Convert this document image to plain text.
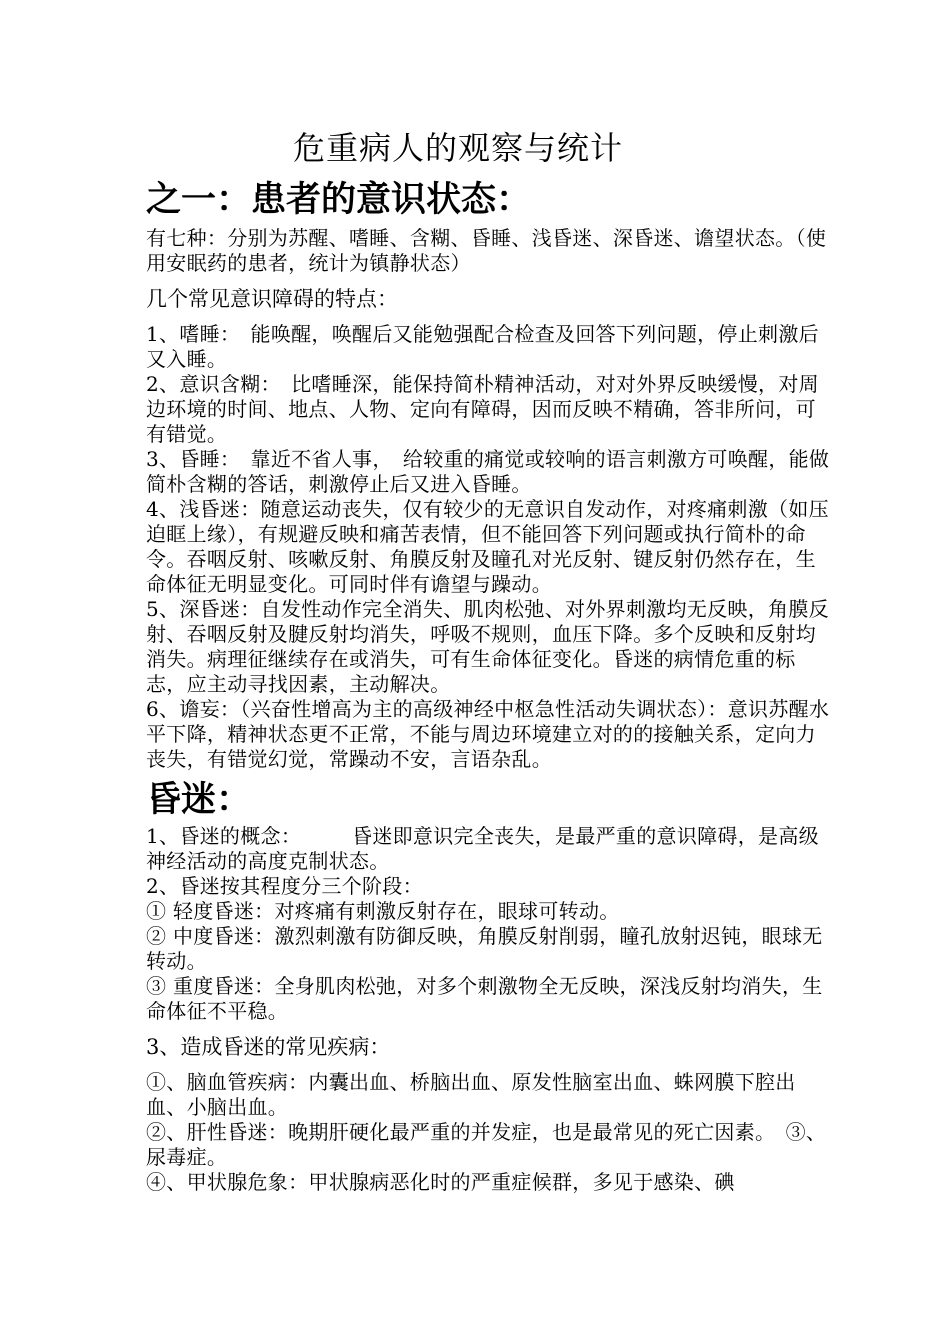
危重病人的观察与统计

之一：患者的意识状态：

有七种：分别为苏醒、嗜睡、含糊、昏睡、浅昏迷、深昏迷、谵望状态。（使用安眠药的患者，统计为镇静状态）

几个常见意识障碍的特点：

1、嗜睡：　能唤醒，唤醒后又能勉强配合检查及回答下列问题，停止刺激后又入睡。

2、意识含糊：　比嗜睡深，能保持简朴精神活动，对对外界反映缓慢，对周边环境的时间、地点、人物、定向有障碍，因而反映不精确，答非所问，可有错觉。

3、昏睡：　靠近不省人事，　给较重的痛觉或较响的语言刺激方可唤醒，能做简朴含糊的答话，刺激停止后又进入昏睡。

4、浅昏迷：随意运动丧失，仅有较少的无意识自发动作，对疼痛刺激（如压迫眶上缘），有规避反映和痛苦表情，但不能回答下列问题或执行简朴的命令。吞咽反射、咳嗽反射、角膜反射及瞳孔对光反射、键反射仍然存在，生命体征无明显变化。可同时伴有谵望与躁动。

5、深昏迷：自发性动作完全消失、肌肉松弛、对外界刺激均无反映，角膜反射、吞咽反射及腱反射均消失，呼吸不规则，血压下降。多个反映和反射均消失。病理征继续存在或消失，可有生命体征变化。昏迷的病情危重的标志，应主动寻找因素，主动解决。

6、谵妄：（兴奋性增高为主的高级神经中枢急性活动失调状态）：意识苏醒水平下降，精神状态更不正常，不能与周边环境建立对的的接触关系，定向力丧失，有错觉幻觉，常躁动不安，言语杂乱。

昏迷：

1、昏迷的概念：　　　昏迷即意识完全丧失，是最严重的意识障碍，是高级神经活动的高度克制状态。

2、昏迷按其程度分三个阶段：

① 轻度昏迷：对疼痛有刺激反射存在，眼球可转动。

② 中度昏迷：激烈刺激有防御反映，角膜反射削弱，瞳孔放射迟钝，眼球无转动。

③ 重度昏迷：全身肌肉松弛，对多个刺激物全无反映，深浅反射均消失，生命体征不平稳。

3、造成昏迷的常见疾病：

①、脑血管疾病：内囊出血、桥脑出血、原发性脑室出血、蛛网膜下腔出血、小脑出血。

②、肝性昏迷：晚期肝硬化最严重的并发症，也是最常见的死亡因素。　③、尿毒症。

④、甲状腺危象：甲状腺病恶化时的严重症候群，多见于感染、碘
